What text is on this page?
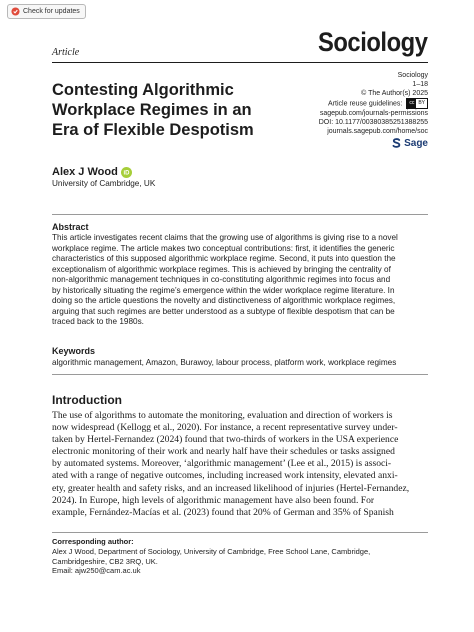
Check for updates
Article	Sociology
Contesting Algorithmic
Workplace Regimes in an
Era of Flexible Despotism
Sociology
1–18
© The Author(s) 2025
Article reuse guidelines:	cc BY
sagepub.com/journals-permissions
DOI: 10.1177/00380385251388255
journals.sagepub.com/home/soc
Sage
Alex J Wood iD
University of Cambridge, UK
Abstract
This article investigates recent claims that the growing use of algorithms is giving rise to a novel
workplace regime. The article makes two conceptual contributions: first, it identifies the generic
characteristics of this supposed algorithmic workplace regime. Second, it puts into question the
exceptionalism of algorithmic workplace regimes. This is achieved by bringing the centrality of
non-algorithmic management techniques in co-constituting algorithmic regimes into focus and
by historically situating the regime’s emergence within the wider workplace regime literature. In
doing so the article questions the novelty and distinctiveness of algorithmic workplace regimes,
arguing that such regimes are better understood as a subtype of flexible despotism that can be
traced back to the 1980s.
Keywords
algorithmic management, Amazon, Burawoy, labour process, platform work, workplace regimes
Introduction
The use of algorithms to automate the monitoring, evaluation and direction of workers is
now widespread (Kellogg et al., 2020). For instance, a recent representative survey under-
taken by Hertel-Fernandez (2024) found that two-thirds of workers in the USA experience
electronic monitoring of their work and nearly half have their schedules or tasks assigned
by automated systems. Moreover, ‘algorithmic management’ (Lee et al., 2015) is associ-
ated with a range of negative outcomes, including increased work intensity, elevated anxi-
ety, greater health and safety risks, and an increased likelihood of injuries (Hertel-Fernandez,
2024). In Europe, high levels of algorithmic management have also been found. For
example, Fernández-Macías et al. (2023) found that 20% of German and 35% of Spanish
Corresponding author:
Alex J Wood, Department of Sociology, University of Cambridge, Free School Lane, Cambridge,
Cambridgeshire, CB2 3RQ, UK.
Email: ajw250@cam.ac.uk
